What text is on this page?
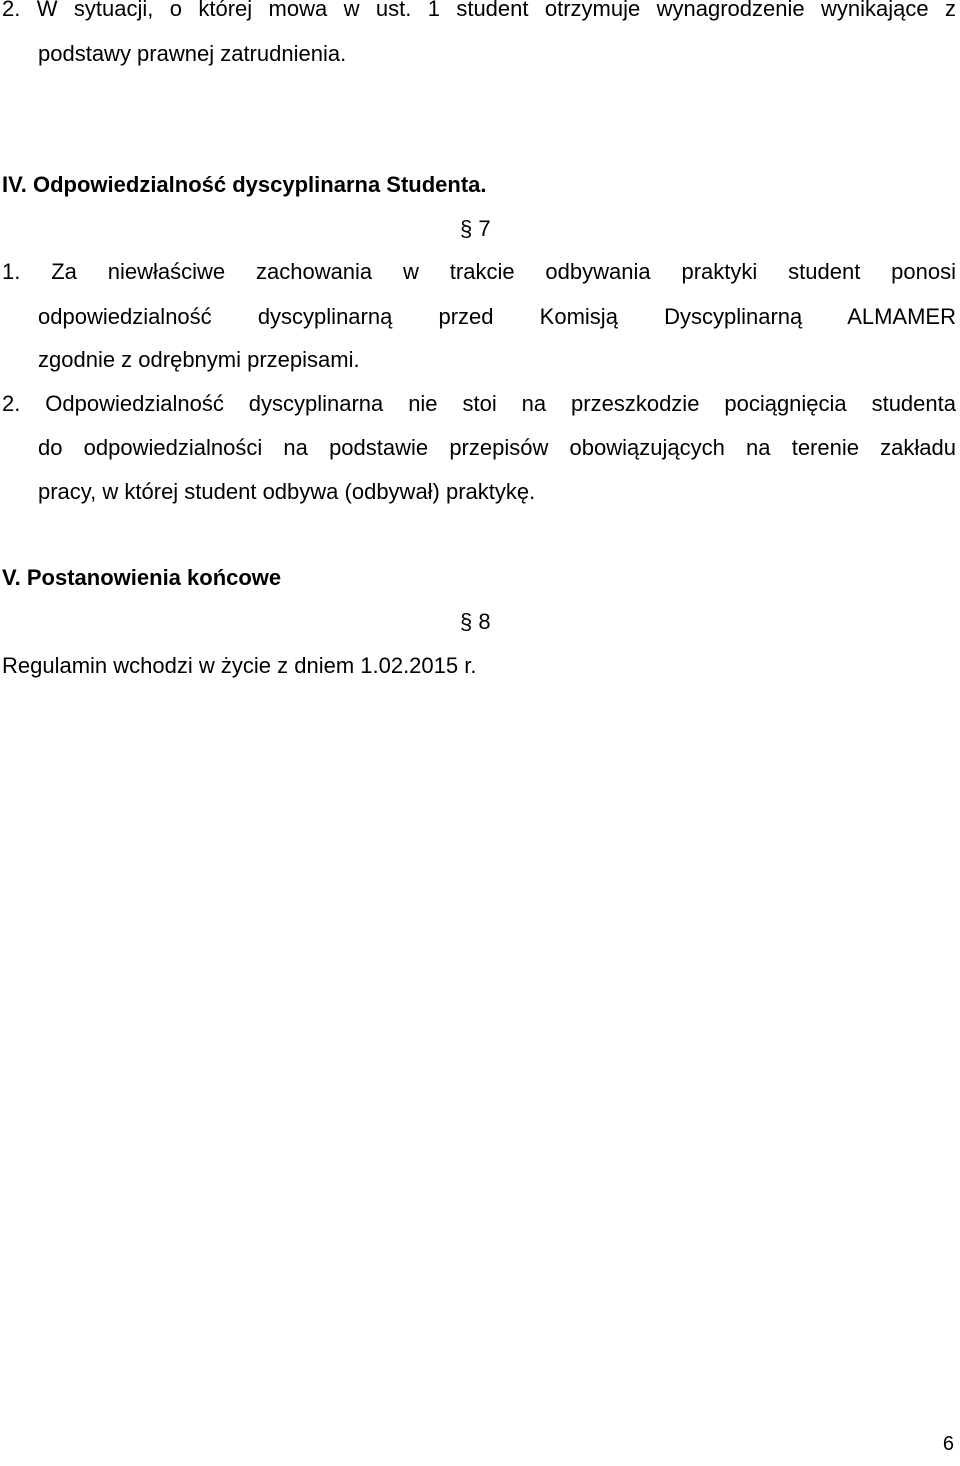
2. W sytuacji, o której mowa w ust. 1 student otrzymuje wynagrodzenie wynikające z

podstawy prawnej zatrudnienia.

IV. Odpowiedzialność dyscyplinarna Studenta.

§ 7

1. Za niewłaściwe zachowania w trakcie odbywania praktyki student ponosi

odpowiedzialność dyscyplinarną przed Komisją Dyscyplinarną ALMAMER

zgodnie z odrębnymi przepisami.

2. Odpowiedzialność dyscyplinarna nie stoi na przeszkodzie pociągnięcia studenta

do odpowiedzialności na podstawie przepisów obowiązujących na terenie zakładu

pracy, w której student odbywa (odbywał) praktykę.

V. Postanowienia końcowe

§ 8

Regulamin wchodzi w życie z dniem 1.02.2015 r.

6
